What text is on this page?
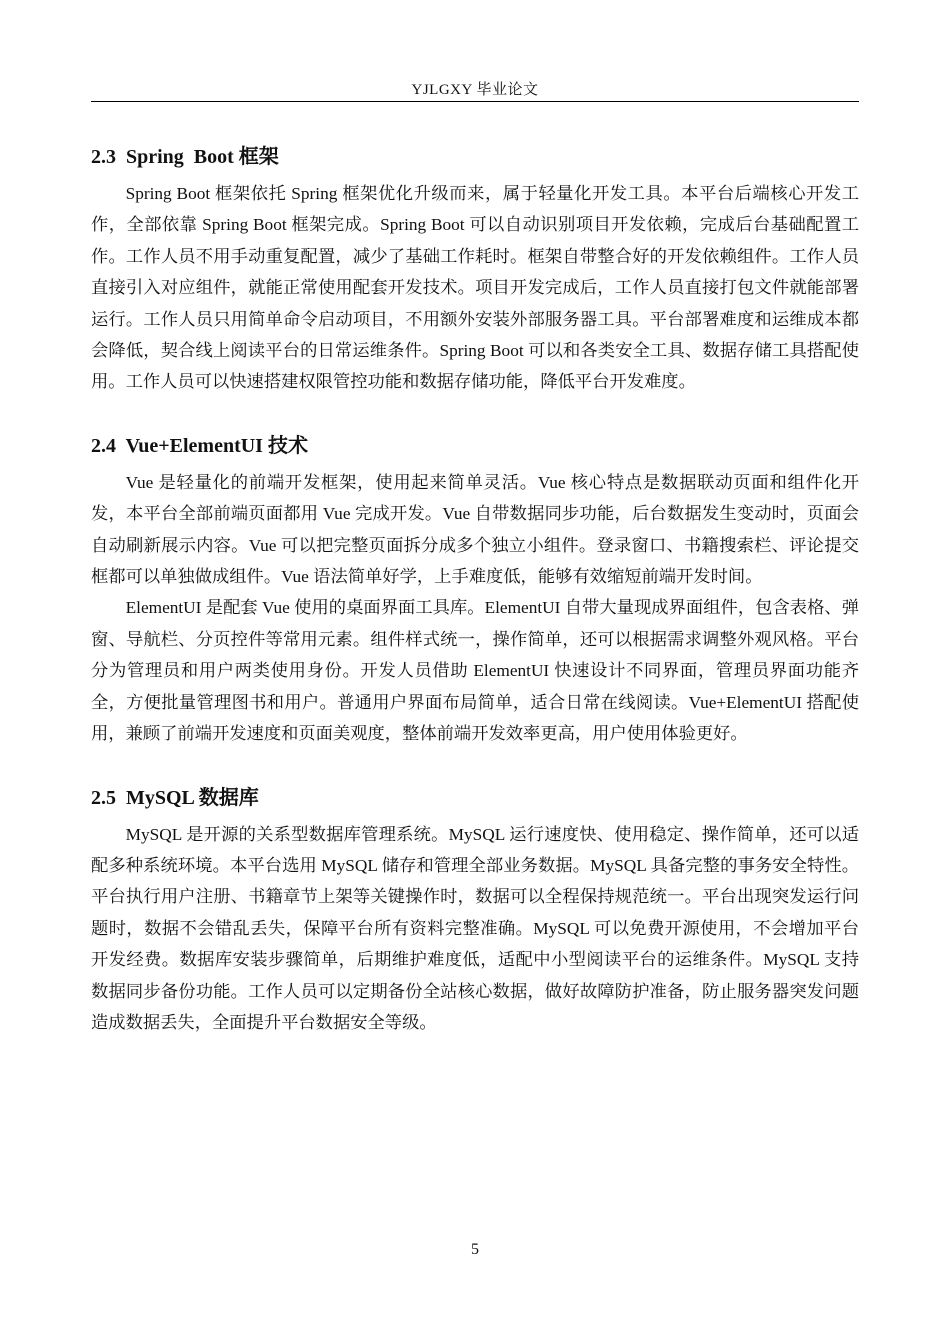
YJLGXY 毕业论文
2.3  Spring  Boot 框架

Spring Boot 框架依托 Spring 框架优化升级而来，属于轻量化开发工具。本平台后端核心开发工作，全部依靠 Spring Boot 框架完成。Spring Boot 可以自动识别项目开发依赖，完成后台基础配置工作。工作人员不用手动重复配置，减少了基础工作耗时。框架自带整合好的开发依赖组件。工作人员直接引入对应组件，就能正常使用配套开发技术。项目开发完成后，工作人员直接打包文件就能部署运行。工作人员只用简单命令启动项目，不用额外安装外部服务器工具。平台部署难度和运维成本都会降低，契合线上阅读平台的日常运维条件。Spring Boot 可以和各类安全工具、数据存储工具搭配使用。工作人员可以快速搭建权限管控功能和数据存储功能，降低平台开发难度。

2.4  Vue+ElementUI 技术

Vue 是轻量化的前端开发框架，使用起来简单灵活。Vue 核心特点是数据联动页面和组件化开发，本平台全部前端页面都用 Vue 完成开发。Vue 自带数据同步功能，后台数据发生变动时，页面会自动刷新展示内容。Vue 可以把完整页面拆分成多个独立小组件。登录窗口、书籍搜索栏、评论提交框都可以单独做成组件。Vue 语法简单好学，上手难度低，能够有效缩短前端开发时间。

ElementUI 是配套 Vue 使用的桌面界面工具库。ElementUI 自带大量现成界面组件，包含表格、弹窗、导航栏、分页控件等常用元素。组件样式统一，操作简单，还可以根据需求调整外观风格。平台分为管理员和用户两类使用身份。开发人员借助 ElementUI 快速设计不同界面，管理员界面功能齐全，方便批量管理图书和用户。普通用户界面布局简单，适合日常在线阅读。Vue+ElementUI 搭配使用，兼顾了前端开发速度和页面美观度，整体前端开发效率更高，用户使用体验更好。

2.5  MySQL 数据库

MySQL 是开源的关系型数据库管理系统。MySQL 运行速度快、使用稳定、操作简单，还可以适配多种系统环境。本平台选用 MySQL 储存和管理全部业务数据。MySQL 具备完整的事务安全特性。平台执行用户注册、书籍章节上架等关键操作时，数据可以全程保持规范统一。平台出现突发运行问题时，数据不会错乱丢失，保障平台所有资料完整准确。MySQL 可以免费开源使用，不会增加平台开发经费。数据库安装步骤简单，后期维护难度低，适配中小型阅读平台的运维条件。MySQL 支持数据同步备份功能。工作人员可以定期备份全站核心数据，做好故障防护准备，防止服务器突发问题造成数据丢失，全面提升平台数据安全等级。

5
